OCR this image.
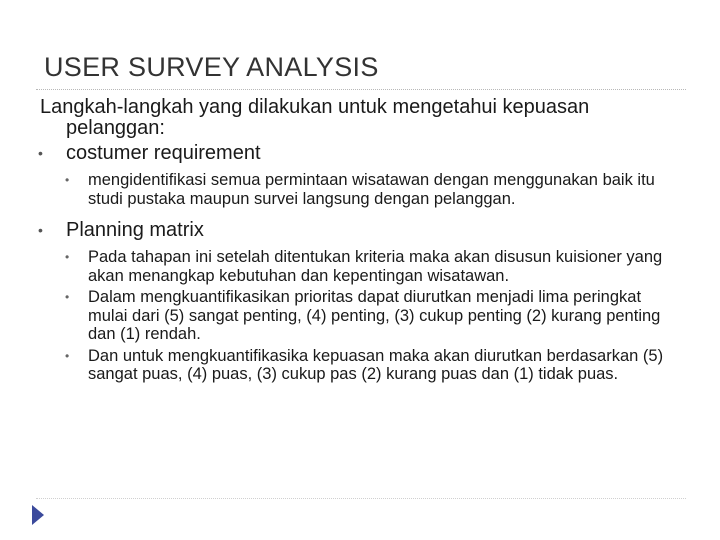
USER SURVEY ANALYSIS

Langkah-langkah yang dilakukan untuk mengetahui kepuasan pelanggan:

• costumer requirement
• mengidentifikasi semua permintaan wisatawan dengan menggunakan baik itu studi pustaka maupun survei langsung dengan pelanggan.
• Planning matrix
• Pada tahapan ini setelah ditentukan kriteria maka akan disusun kuisioner yang akan menangkap kebutuhan dan kepentingan wisatawan.
• Dalam mengkuantifikasikan prioritas dapat diurutkan menjadi lima peringkat mulai dari (5) sangat penting, (4) penting, (3) cukup penting (2) kurang penting dan (1) rendah.
• Dan untuk mengkuantifikasika kepuasan maka akan diurutkan berdasarkan (5) sangat puas, (4) puas, (3) cukup pas (2) kurang puas dan (1) tidak puas.
